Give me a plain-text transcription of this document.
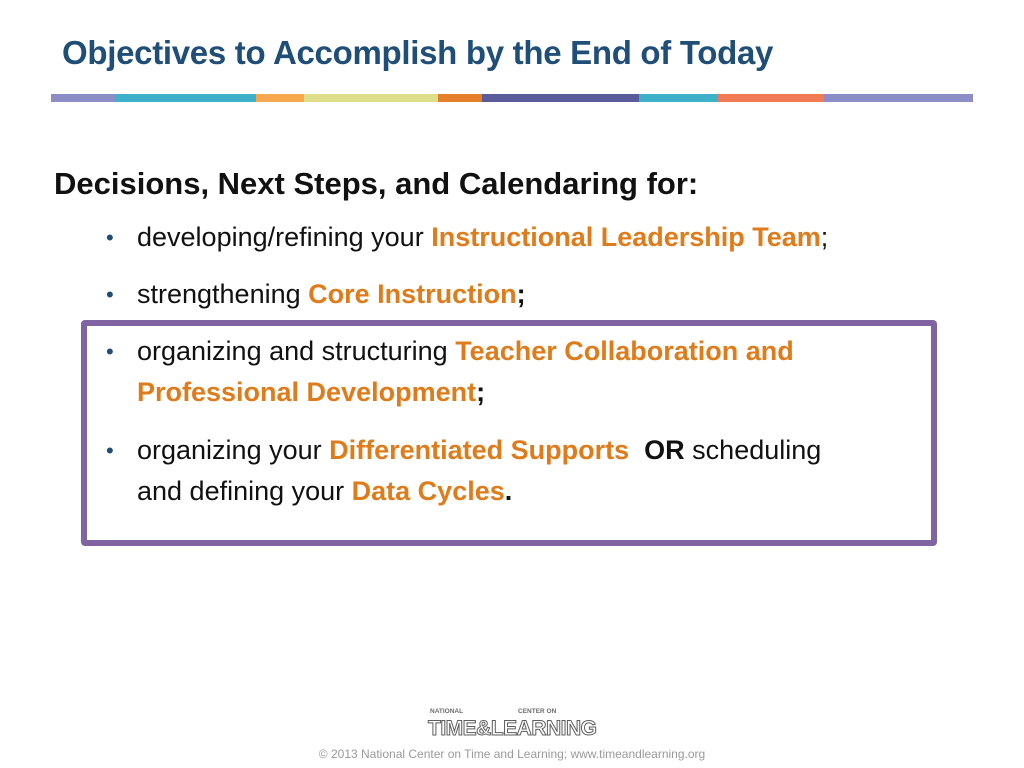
Objectives to Accomplish by the End of Today
Decisions, Next Steps, and Calendaring for:
• developing/refining your Instructional Leadership Team;
• strengthening Core Instruction;
• organizing and structuring Teacher Collaboration and
Professional Development;
• organizing your Differentiated Supports OR scheduling
and defining your Data Cycles.
NATIONAL	CENTER ON
TIME&LEARNING
© 2013 National Center on Time and Learning; www.timeandlearning.org
